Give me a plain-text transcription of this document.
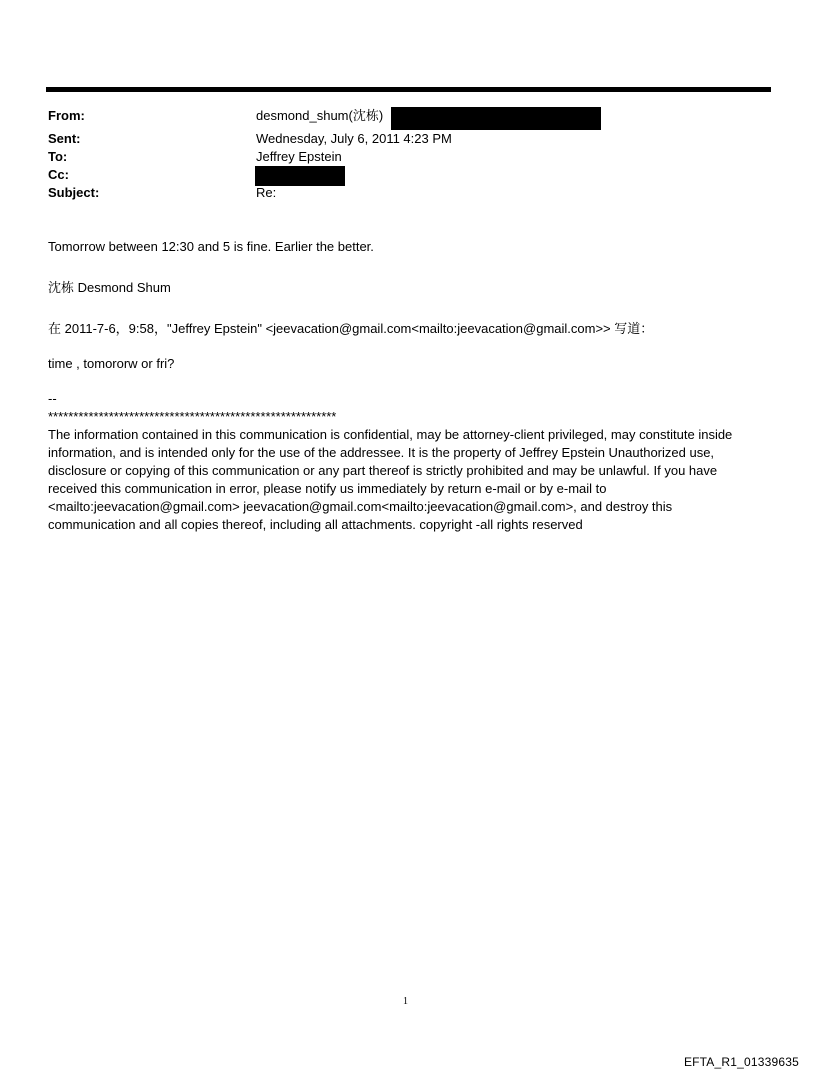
From:	desmond_shum(沈栋)
Sent:	Wednesday, July 6, 2011 4:23 PM
To:	Jeffrey Epstein
Cc:
Subject:	Re:
Tomorrow between 12:30 and 5 is fine. Earlier the better.
沈栋 Desmond Shum
在 2011-7-6，9:58，"Jeffrey Epstein" <jeevacation@gmail.com<mailto:jeevacation@gmail.com>> 写道：
time , tomororw or fri?
--
*********************************************************
The information contained in this communication is confidential, may be attorney-client privileged, may constitute inside information, and is intended only for the use of the addressee. It is the property of Jeffrey Epstein Unauthorized use, disclosure or copying of this communication or any part thereof is strictly prohibited and may be unlawful. If you have received this communication in error, please notify us immediately by return e-mail or by e-mail to <mailto:jeevacation@gmail.com> jeevacation@gmail.com<mailto:jeevacation@gmail.com>, and destroy this communication and all copies thereof, including all attachments. copyright -all rights reserved
1
EFTA_R1_01339635
